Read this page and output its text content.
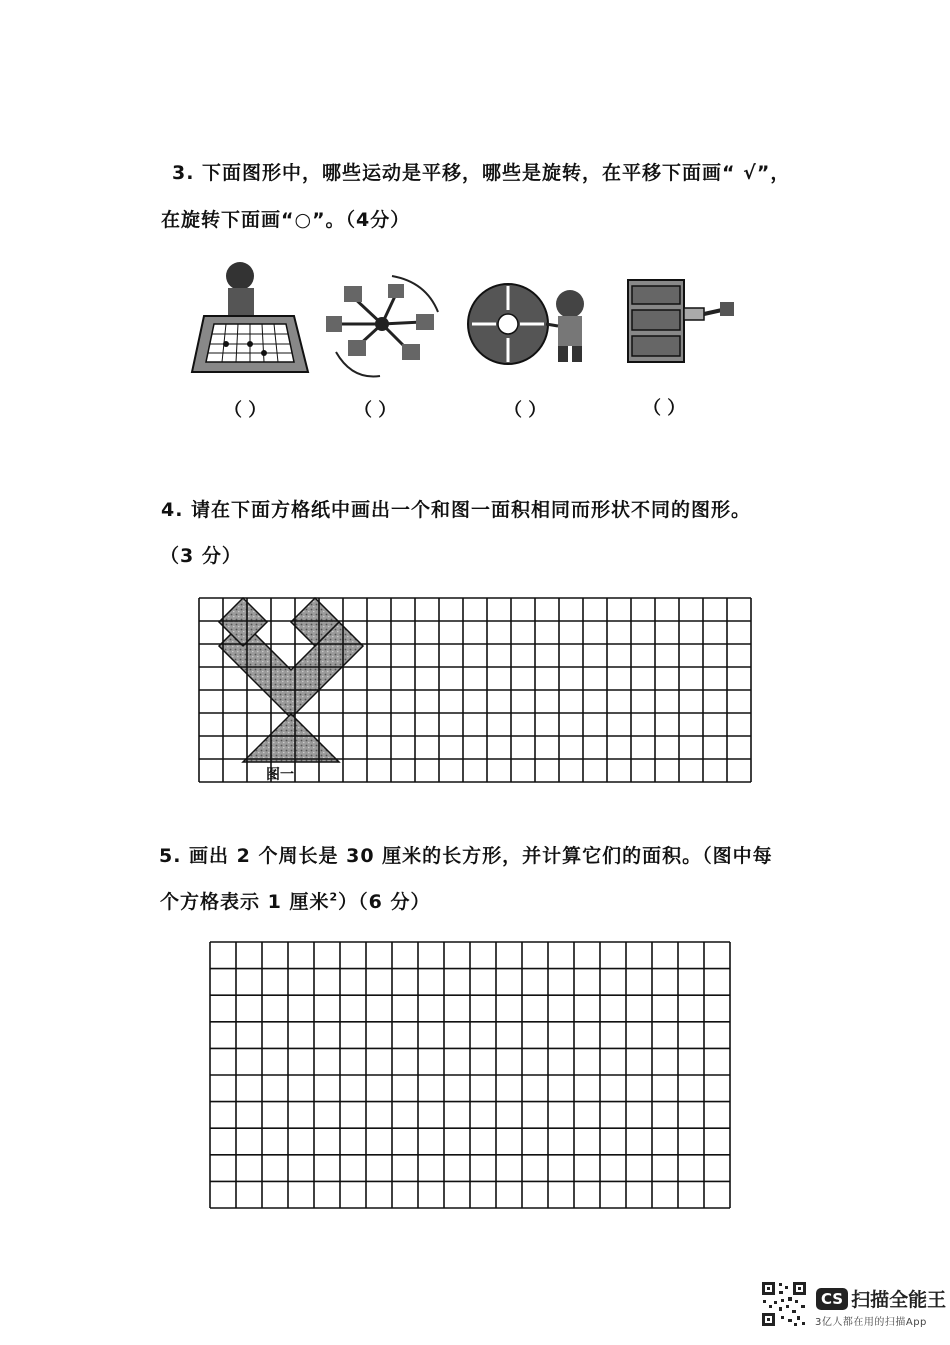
3. 下面图形中，哪些运动是平移，哪些是旋转，在平移下面画“ √”，
在旋转下面画“○”。（4分）
（ ）	（ ）	（ ）	（ ）
4. 请在下面方格纸中画出一个和图一面积相同而形状不同的图形。
（3 分）
图一
5. 画出 2 个周长是 30 厘米的长方形，并计算它们的面积。（图中每
个方格表示 1 厘米$^2$）（6 分）
CS 扫描全能王
3亿人都在用的扫描App
